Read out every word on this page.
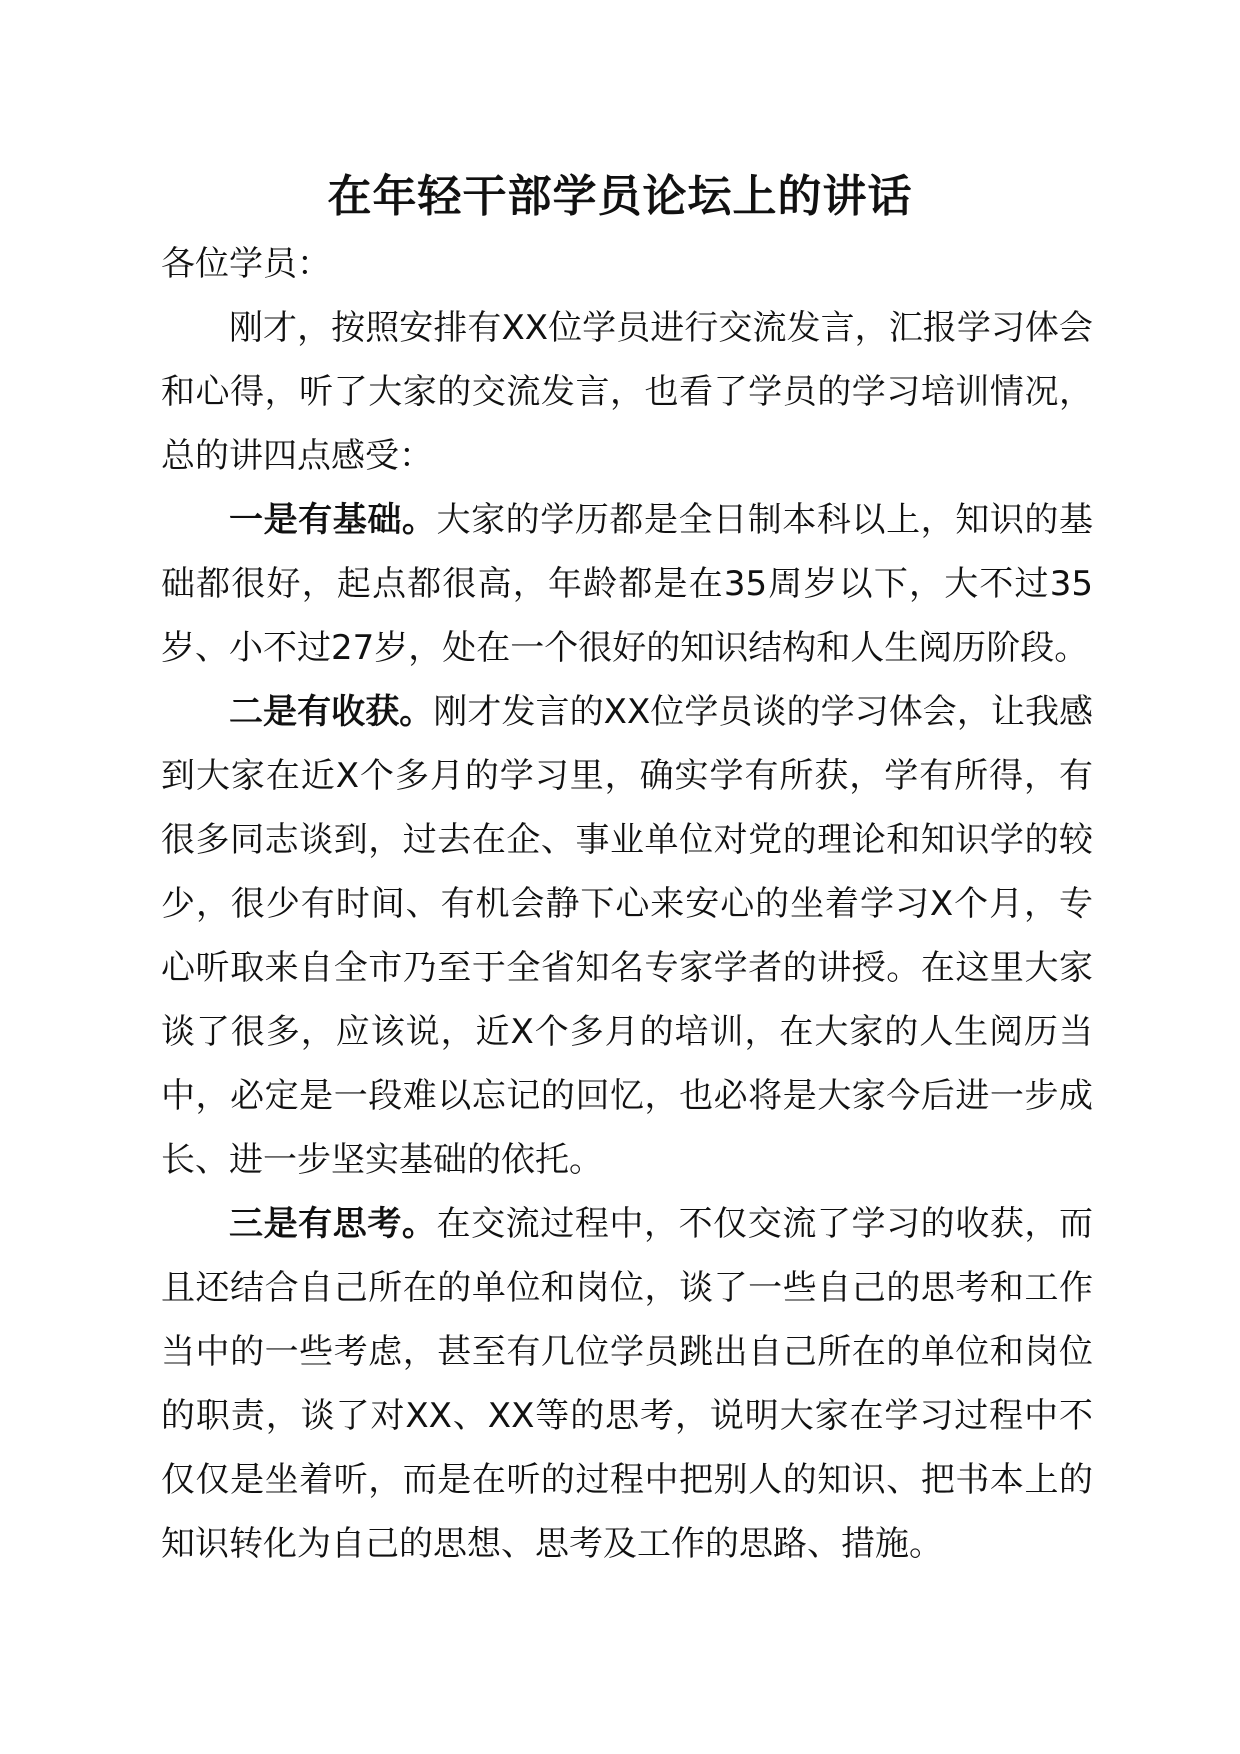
在年轻干部学员论坛上的讲话

各位学员：

刚才，按照安排有XX位学员进行交流发言，汇报学习体会和心得，听了大家的交流发言，也看了学员的学习培训情况，总的讲四点感受：

一是有基础。大家的学历都是全日制本科以上，知识的基础都很好，起点都很高，年龄都是在35周岁以下，大不过35岁、小不过27岁，处在一个很好的知识结构和人生阅历阶段。

二是有收获。刚才发言的XX位学员谈的学习体会，让我感到大家在近X个多月的学习里，确实学有所获，学有所得，有很多同志谈到，过去在企、事业单位对党的理论和知识学的较少，很少有时间、有机会静下心来安心的坐着学习X个月，专心听取来自全市乃至于全省知名专家学者的讲授。在这里大家谈了很多，应该说，近X个多月的培训，在大家的人生阅历当中，必定是一段难以忘记的回忆，也必将是大家今后进一步成长、进一步坚实基础的依托。

三是有思考。在交流过程中，不仅交流了学习的收获，而且还结合自己所在的单位和岗位，谈了一些自己的思考和工作当中的一些考虑，甚至有几位学员跳出自己所在的单位和岗位的职责，谈了对XX、XX等的思考，说明大家在学习过程中不仅仅是坐着听，而是在听的过程中把别人的知识、把书本上的知识转化为自己的思想、思考及工作的思路、措施。
